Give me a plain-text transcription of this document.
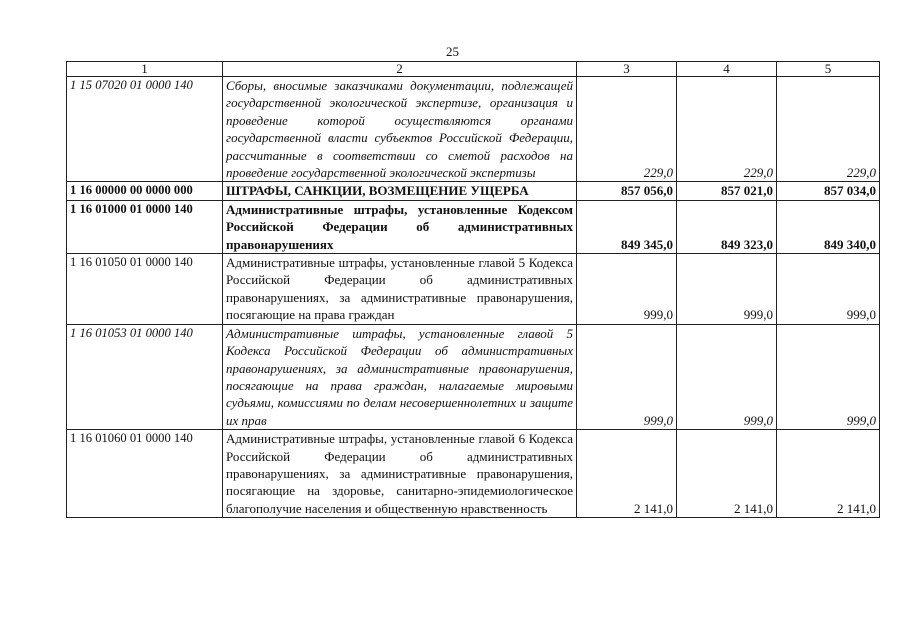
25
1	2	3	4	5
1 15 07020 01 0000 140	Сборы, вносимые заказчиками документации, подлежащей государственной экологической экспертизе, организация и проведение которой осуществляются органами государственной власти субъектов Российской Федерации, рассчитанные в соответствии со сметой расходов на проведение государственной экологической экспертизы	229,0	229,0	229,0
1 16 00000 00 0000 000	ШТРАФЫ, САНКЦИИ, ВОЗМЕЩЕНИЕ УЩЕРБА	857 056,0	857 021,0	857 034,0
1 16 01000 01 0000 140	Административные штрафы, установленные Кодексом Российской Федерации об административных правонарушениях	849 345,0	849 323,0	849 340,0
1 16 01050 01 0000 140	Административные штрафы, установленные главой 5 Кодекса Российской Федерации об административных правонарушениях, за административные правонарушения, посягающие на права граждан	999,0	999,0	999,0
1 16 01053 01 0000 140	Административные штрафы, установленные главой 5 Кодекса Российской Федерации об административных правонарушениях, за административные правонарушения, посягающие на права граждан, налагаемые мировыми судьями, комиссиями по делам несовершеннолетних и защите их прав	999,0	999,0	999,0
1 16 01060 01 0000 140	Административные штрафы, установленные главой 6 Кодекса Российской Федерации об административных правонарушениях, за административные правонарушения, посягающие на здоровье, санитарно-эпидемиологическое благополучие населения и общественную нравственность	2 141,0	2 141,0	2 141,0
